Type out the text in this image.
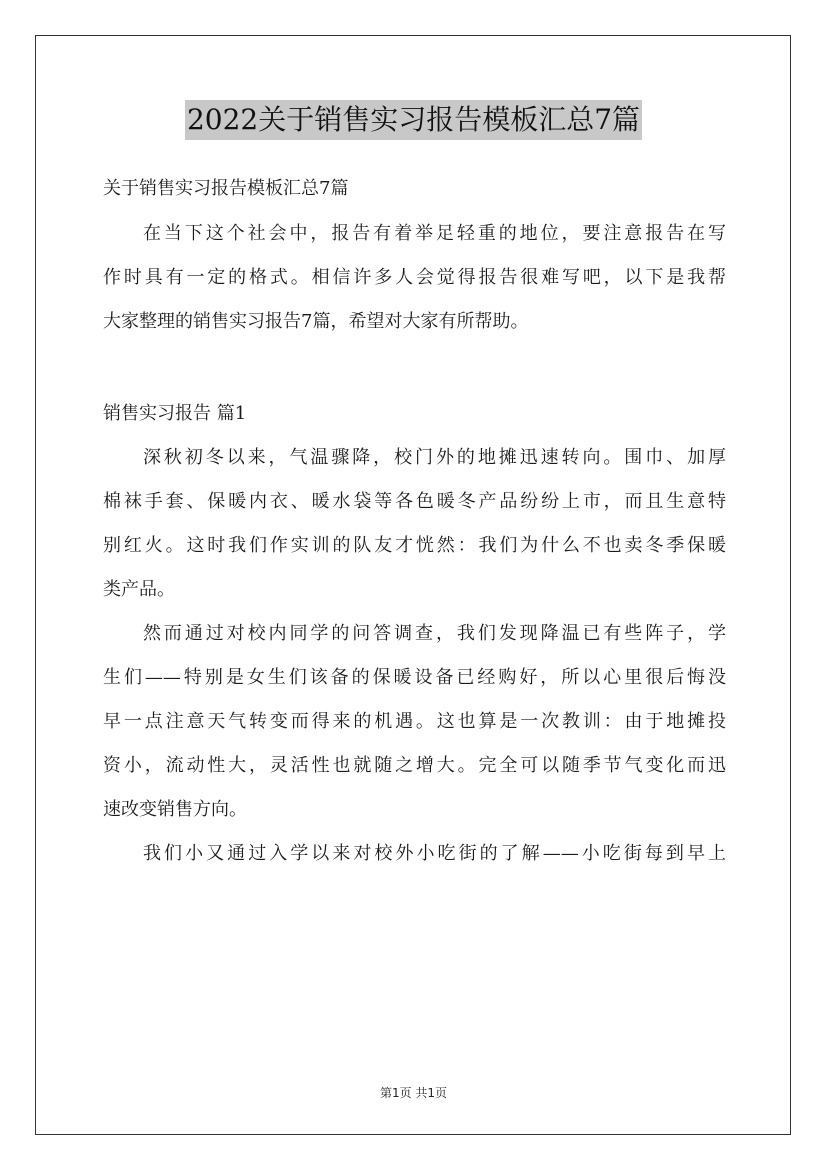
2022关于销售实习报告模板汇总7篇
关于销售实习报告模板汇总7篇
在当下这个社会中，报告有着举足轻重的地位，要注意报告在写
作时具有一定的格式。相信许多人会觉得报告很难写吧，以下是我帮
大家整理的销售实习报告7篇，希望对大家有所帮助。
销售实习报告 篇1
深秋初冬以来，气温骤降，校门外的地摊迅速转向。围巾、加厚
棉袜手套、保暖内衣、暖水袋等各色暖冬产品纷纷上市，而且生意特
别红火。这时我们作实训的队友才恍然：我们为什么不也卖冬季保暖
类产品。
然而通过对校内同学的问答调查，我们发现降温已有些阵子，学
生们——特别是女生们该备的保暖设备已经购好，所以心里很后悔没
早一点注意天气转变而得来的机遇。这也算是一次教训：由于地摊投
资小，流动性大，灵活性也就随之增大。完全可以随季节气变化而迅
速改变销售方向。
我们小又通过入学以来对校外小吃街的了解——小吃街每到早上
第1页 共1页
